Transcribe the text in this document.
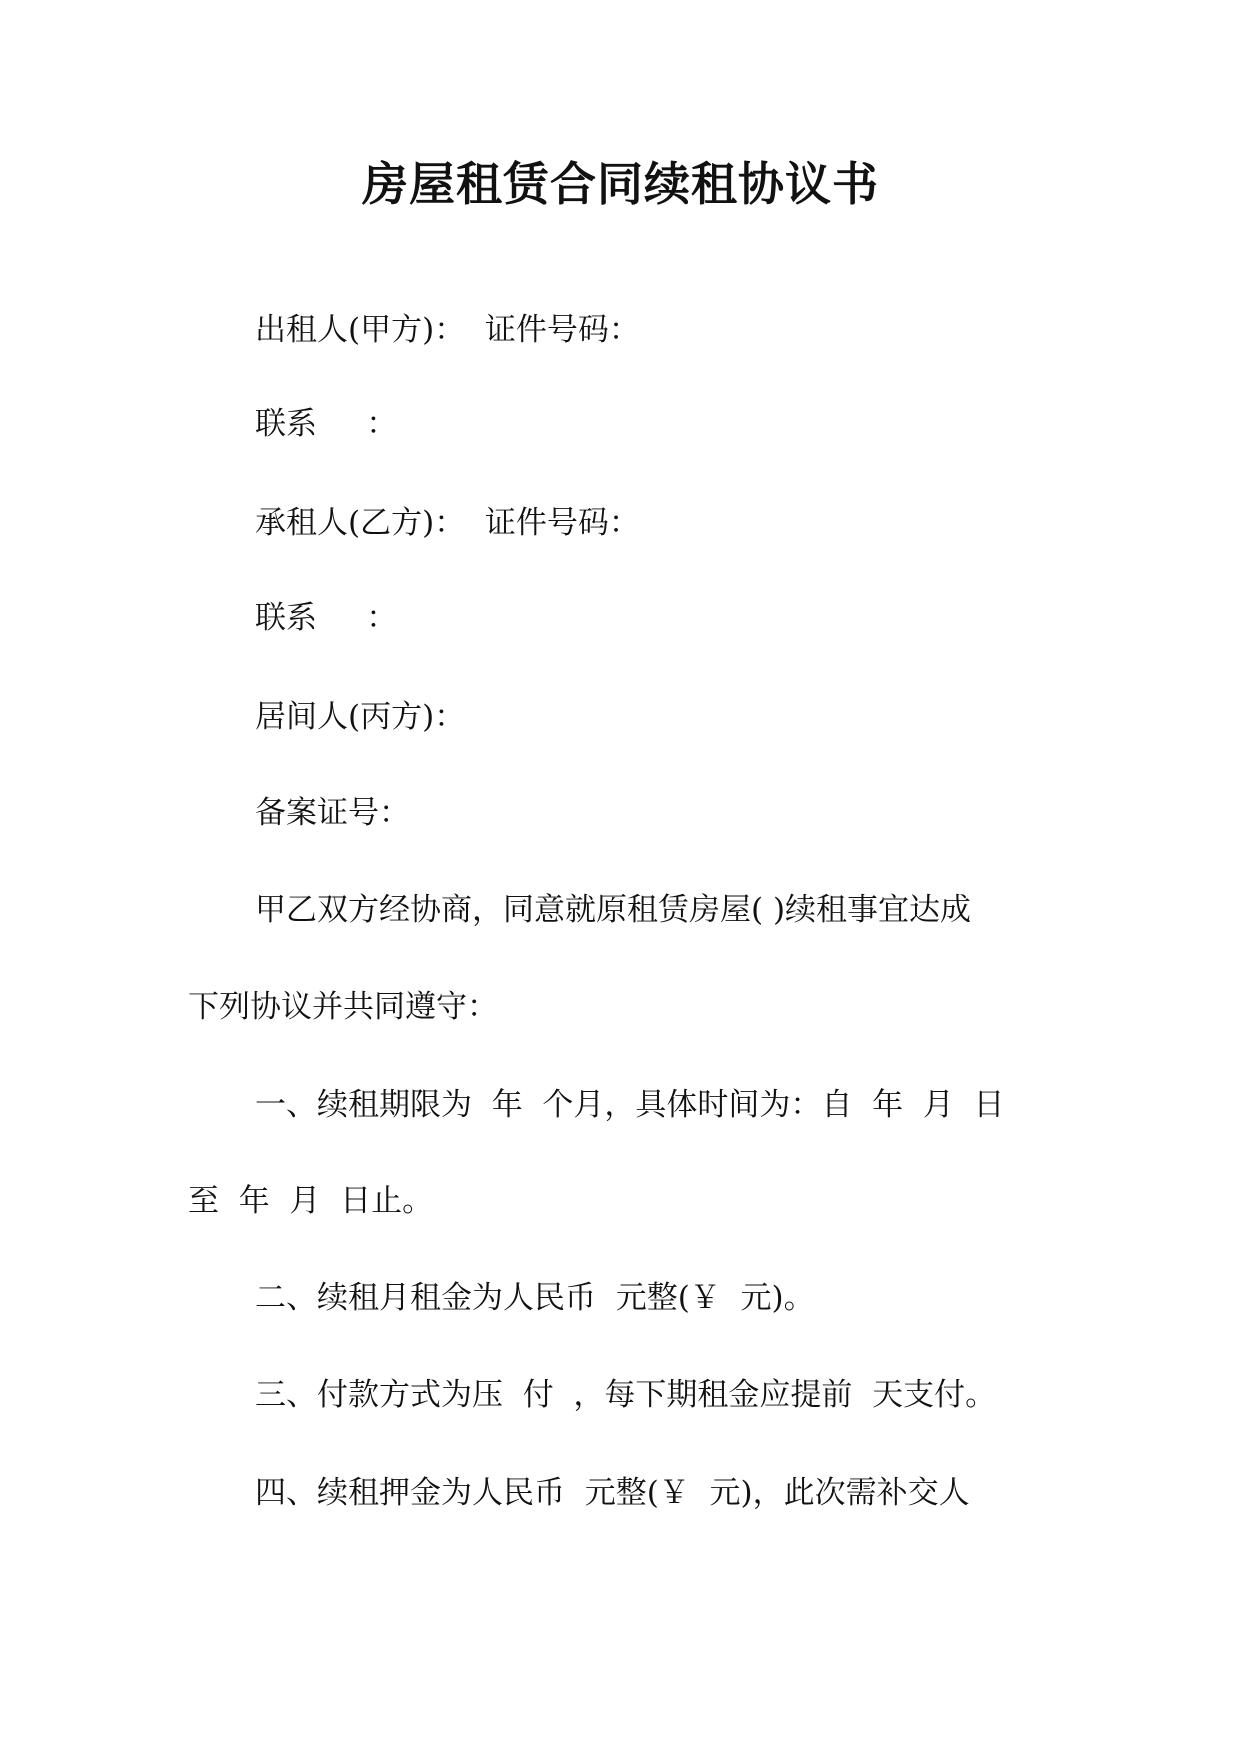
房屋租赁合同续租协议书
出租人(甲方)：  证件号码：
联系     ：
承租人(乙方)：  证件号码：
联系     ：
居间人(丙方)：
备案证号：
甲乙双方经协商，同意就原租赁房屋( )续租事宜达成
下列协议并共同遵守：
一、续租期限为  年  个月，具体时间为：自  年  月  日
至  年  月  日止。
二、续租月租金为人民币  元整(￥  元)。
三、付款方式为压  付  ，每下期租金应提前  天支付。
四、续租押金为人民币  元整(￥  元)，此次需补交人
